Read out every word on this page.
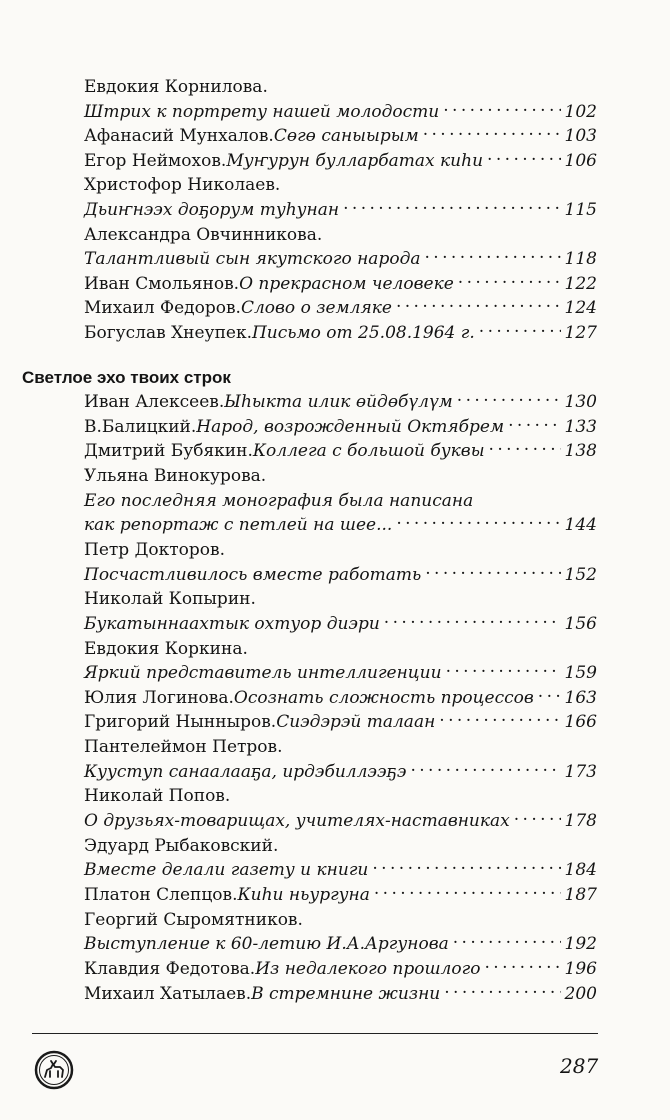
Евдокия Корнилова.
Штрих к портрету нашей молодости . . .	102
Афанасий Мунхалов. Сөгө саныырым . . .	103
Егор Неймохов. Муҥурун булларбатах киһи . . .	106
Христофор Николаев.
Дьиҥнээх доҕорум туһунан . . .	115
Александра Овчинникова.
Талантливый сын якутского народа . . .	118
Иван Смольянов. О прекрасном человеке . . .	122
Михаил Федоров. Слово о земляке . . .	124
Богуслав Хнеупек. Письмо от 25.08.1964 г. . . .	127
Иван Алексеев. Ыһыкта илик өйдөбүлүм . . .	130
В.Балицкий. Народ, возрожденный Октябрем . . .	133
Дмитрий Бубякин. Коллега с большой буквы . . .	138
Ульяна Винокурова.
Его последняя монография была написана
как репортаж с петлей на шее... . . .	144
Петр Докторов.
Посчастливилось вместе работать . . .	152
Николай Копырин.
Букатыннаахтык охтуор диэри . . .	156
Евдокия Коркина.
Яркий представитель интеллигенции . . .	159
Юлия Логинова. Осознать сложность процессов . . . 163
Григорий Нынныров. Сиэдэрэй талаан . . .	166
Пантелеймон Петров.
Кууступ санаалааҕа, ирдэбиллээҕэ . . .	173
Николай Попов.
О друзьях-товарищах, учителях-наставниках . . .	178
Эдуард Рыбаковский.
Вместе делали газету и книги . . .	184
Платон Слепцов. Киһи ньургуна . . .	187
Георгий Сыромятников.
Выступление к 60-летию И.А.Аргунова . . .	192
Клавдия Федотова. Из недалекого прошлого . . .	196
Михаил Хатылаев. В стремнине жизни . . .	200
Светлое эхо твоих строк
287
